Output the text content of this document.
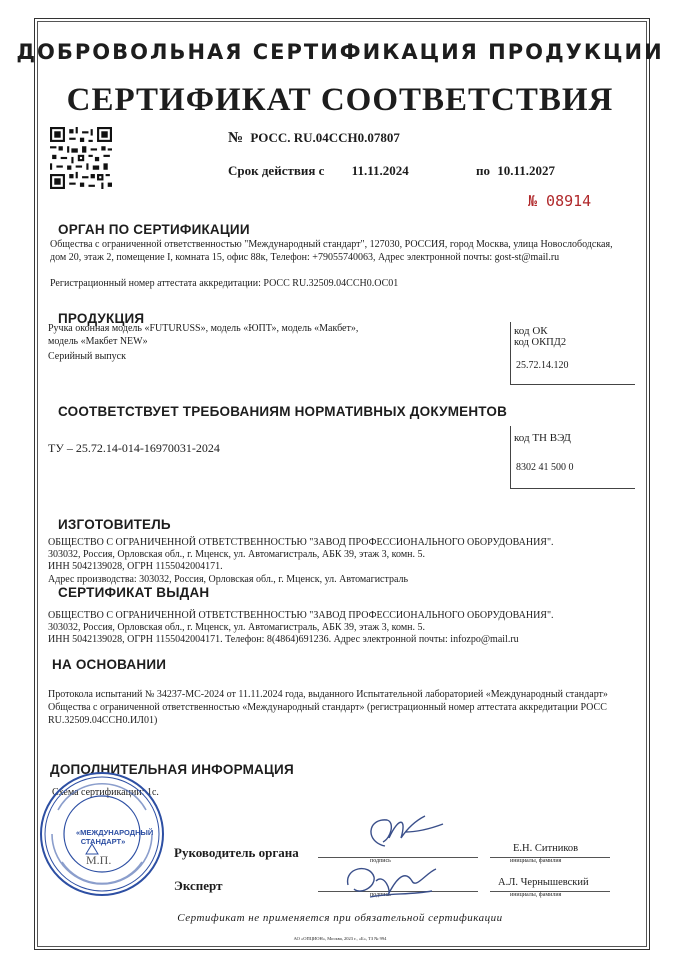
ДОБРОВОЛЬНАЯ СЕРТИФИКАЦИЯ ПРОДУКЦИИ
СЕРТИФИКАТ СООТВЕТСТВИЯ
№ РОСС. RU.04ССН0.07807
Срок действия с 11.11.2024	по 10.11.2027
№ 08914
ОРГАН ПО СЕРТИФИКАЦИИ
Общества с ограниченной ответственностью "Международный стандарт", 127030, РОССИЯ, город Москва, улица Новослободская, дом 20, этаж 2, помещение I, комната 15, офис 88к, Телефон: +79055740063, Адрес электронной почты: gost-st@mail.ru
Регистрационный номер аттестата аккредитации: РОСС RU.32509.04ССН0.ОС01
ПРОДУКЦИЯ
Ручка оконная модель «FUTURUSS», модель «ЮПТ», модель «Макбет»,
модель «Макбет NEW»
Серийный выпуск
код ОК
код ОКПД2
25.72.14.120
СООТВЕТСТВУЕТ ТРЕБОВАНИЯМ НОРМАТИВНЫХ ДОКУМЕНТОВ
ТУ – 25.72.14-014-16970031-2024
код ТН ВЭД
8302 41 500 0
ИЗГОТОВИТЕЛЬ
ОБЩЕСТВО С ОГРАНИЧЕННОЙ ОТВЕТСТВЕННОСТЬЮ "ЗАВОД ПРОФЕССИОНАЛЬНОГО ОБОРУДОВАНИЯ".
303032, Россия, Орловская обл., г. Мценск, ул. Автомагистраль, АБК 39, этаж 3, комн. 5.
ИНН 5042139028, ОГРН 1155042004171.
Адрес производства: 303032, Россия, Орловская обл., г. Мценск, ул. Автомагистраль
СЕРТИФИКАТ ВЫДАН
ОБЩЕСТВО С ОГРАНИЧЕННОЙ ОТВЕТСТВЕННОСТЬЮ "ЗАВОД ПРОФЕССИОНАЛЬНОГО ОБОРУДОВАНИЯ".
303032, Россия, Орловская обл., г. Мценск, ул. Автомагистраль, АБК 39, этаж 3, комн. 5.
ИНН 5042139028, ОГРН 1155042004171. Телефон: 8(4864)691236. Адрес электронной почты: infozpo@mail.ru
НА ОСНОВАНИИ
Протокола испытаний № 34237-МС-2024 от 11.11.2024 года, выданного Испытательной лабораторией «Международный стандарт» Общества с ограниченной ответственностью «Международный стандарт» (регистрационный номер аттестата аккредитации РОСС RU.32509.04ССН0.ИЛ01)
ДОПОЛНИТЕЛЬНАЯ ИНФОРМАЦИЯ
Схема сертификации: 1с.
Руководитель органа
Эксперт
подпись
подпись
Е.Н. Ситников
инициалы, фамилия
А.Л. Чернышевский
инициалы, фамилия
«МЕЖДУНАРОДНЫЙ СТАНДАРТ»
М.П.
Сертификат не применяется при обязательной сертификации
АО «ОПЦИОН», Москва, 2023 г., «Б», ТЗ № 994
